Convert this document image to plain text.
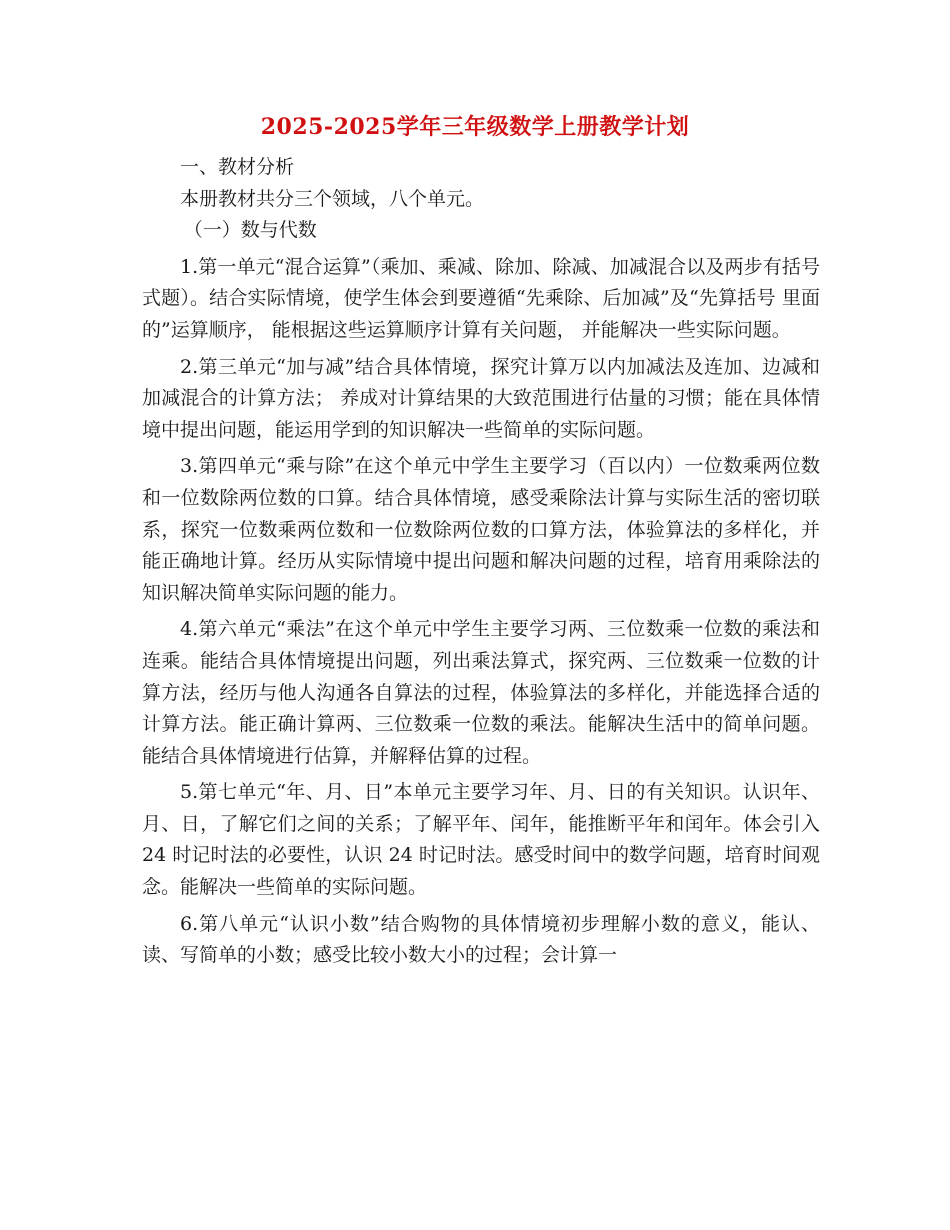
2025-2025学年三年级数学上册教学计划

一、教材分析

本册教材共分三个领域，八个单元。

（一）数与代数

1.第一单元“混合运算”（乘加、乘减、除加、除减、加减混合以及两步有括号 式题）。结合实际情境，使学生体会到要遵循“先乘除、后加减”及“先算括号 里面的”运算顺序， 能根据这些运算顺序计算有关问题， 并能解决一些实际问题。

2.第三单元“加与减”结合具体情境，探究计算万以内加减法及连加、边减和 加减混合的计算方法； 养成对计算结果的大致范围进行估量的习惯；能在具体情境中提出问题，能运用学到的知识解决一些简单的实际问题。

3.第四单元“乘与除”在这个单元中学生主要学习（百以内）一位数乘两位数和一位数除两位数的口算。结合具体情境，感受乘除法计算与实际生活的密切联系，探究一位数乘两位数和一位数除两位数的口算方法，体验算法的多样化，并能正确地计算。经历从实际情境中提出问题和解决问题的过程，培育用乘除法的 知识解决简单实际问题的能力。

4.第六单元“乘法”在这个单元中学生主要学习两、三位数乘一位数的乘法和 连乘。能结合具体情境提出问题，列出乘法算式，探究两、三位数乘一位数的计算方法，经历与他人沟通各自算法的过程，体验算法的多样化，并能选择合适的计算方法。能正确计算两、三位数乘一位数的乘法。能解决生活中的简单问题。能结合具体情境进行估算，并解释估算的过程。

5.第七单元“年、月、日”本单元主要学习年、月、日的有关知识。认识年、 月、日，了解它们之间的关系；了解平年、闰年，能推断平年和闰年。体会引入 24 时记时法的必要性，认识 24 时记时法。感受时间中的数学问题，培育时间观 念。能解决一些简单的实际问题。

6.第八单元“认识小数”结合购物的具体情境初步理解小数的意义，能认、读、写简单的小数；感受比较小数大小的过程；会计算一
